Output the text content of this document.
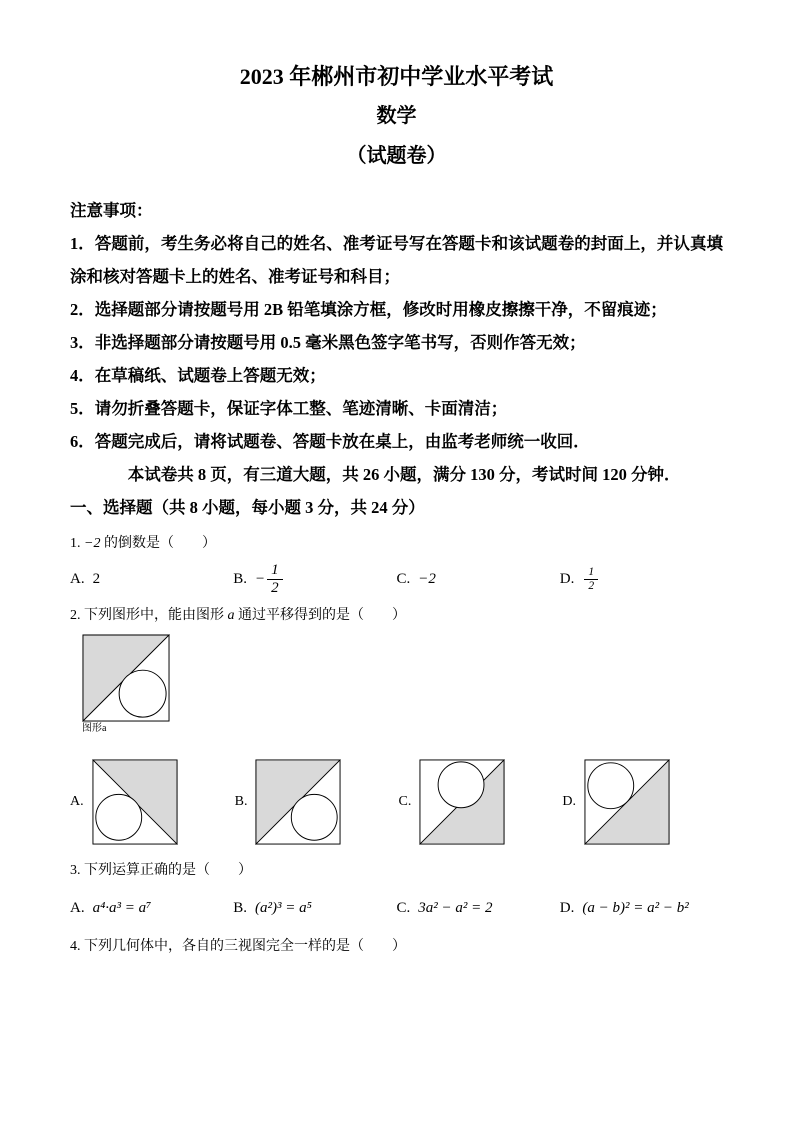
2023 年郴州市初中学业水平考试
数学
（试题卷）

注意事项：

1．答题前，考生务必将自己的姓名、准考证号写在答题卡和该试题卷的封面上，并认真填涂和核对答题卡上的姓名、准考证号和科目；

2．选择题部分请按题号用 2B 铅笔填涂方框，修改时用橡皮擦擦干净，不留痕迹；

3．非选择题部分请按题号用 0.5 毫米黑色签字笔书写，否则作答无效；

4．在草稿纸、试题卷上答题无效；

5．请勿折叠答题卡，保证字体工整、笔迹清晰、卡面清洁；

6．答题完成后，请将试题卷、答题卡放在桌上，由监考老师统一收回．

本试卷共 8 页，有三道大题，共 26 小题，满分 130 分，考试时间 120 分钟．

一、选择题（共 8 小题，每小题 3 分，共 24 分）

1. −2 的倒数是（　　）
A. 2	B. − $\frac{1}{2}$	C. −2	D. $\frac{1}{2}$
2. 下列图形中，能由图形 a 通过平移得到的是（　　）
图形a
A.	B.	C.	D.
3. 下列运算正确的是（　　）
A. a⁴·a³ = a⁷	B. (a²)³ = a⁵	C. 3a² − a² = 2	D. (a − b)² = a² − b²
4. 下列几何体中，各自的三视图完全一样的是（　　）
